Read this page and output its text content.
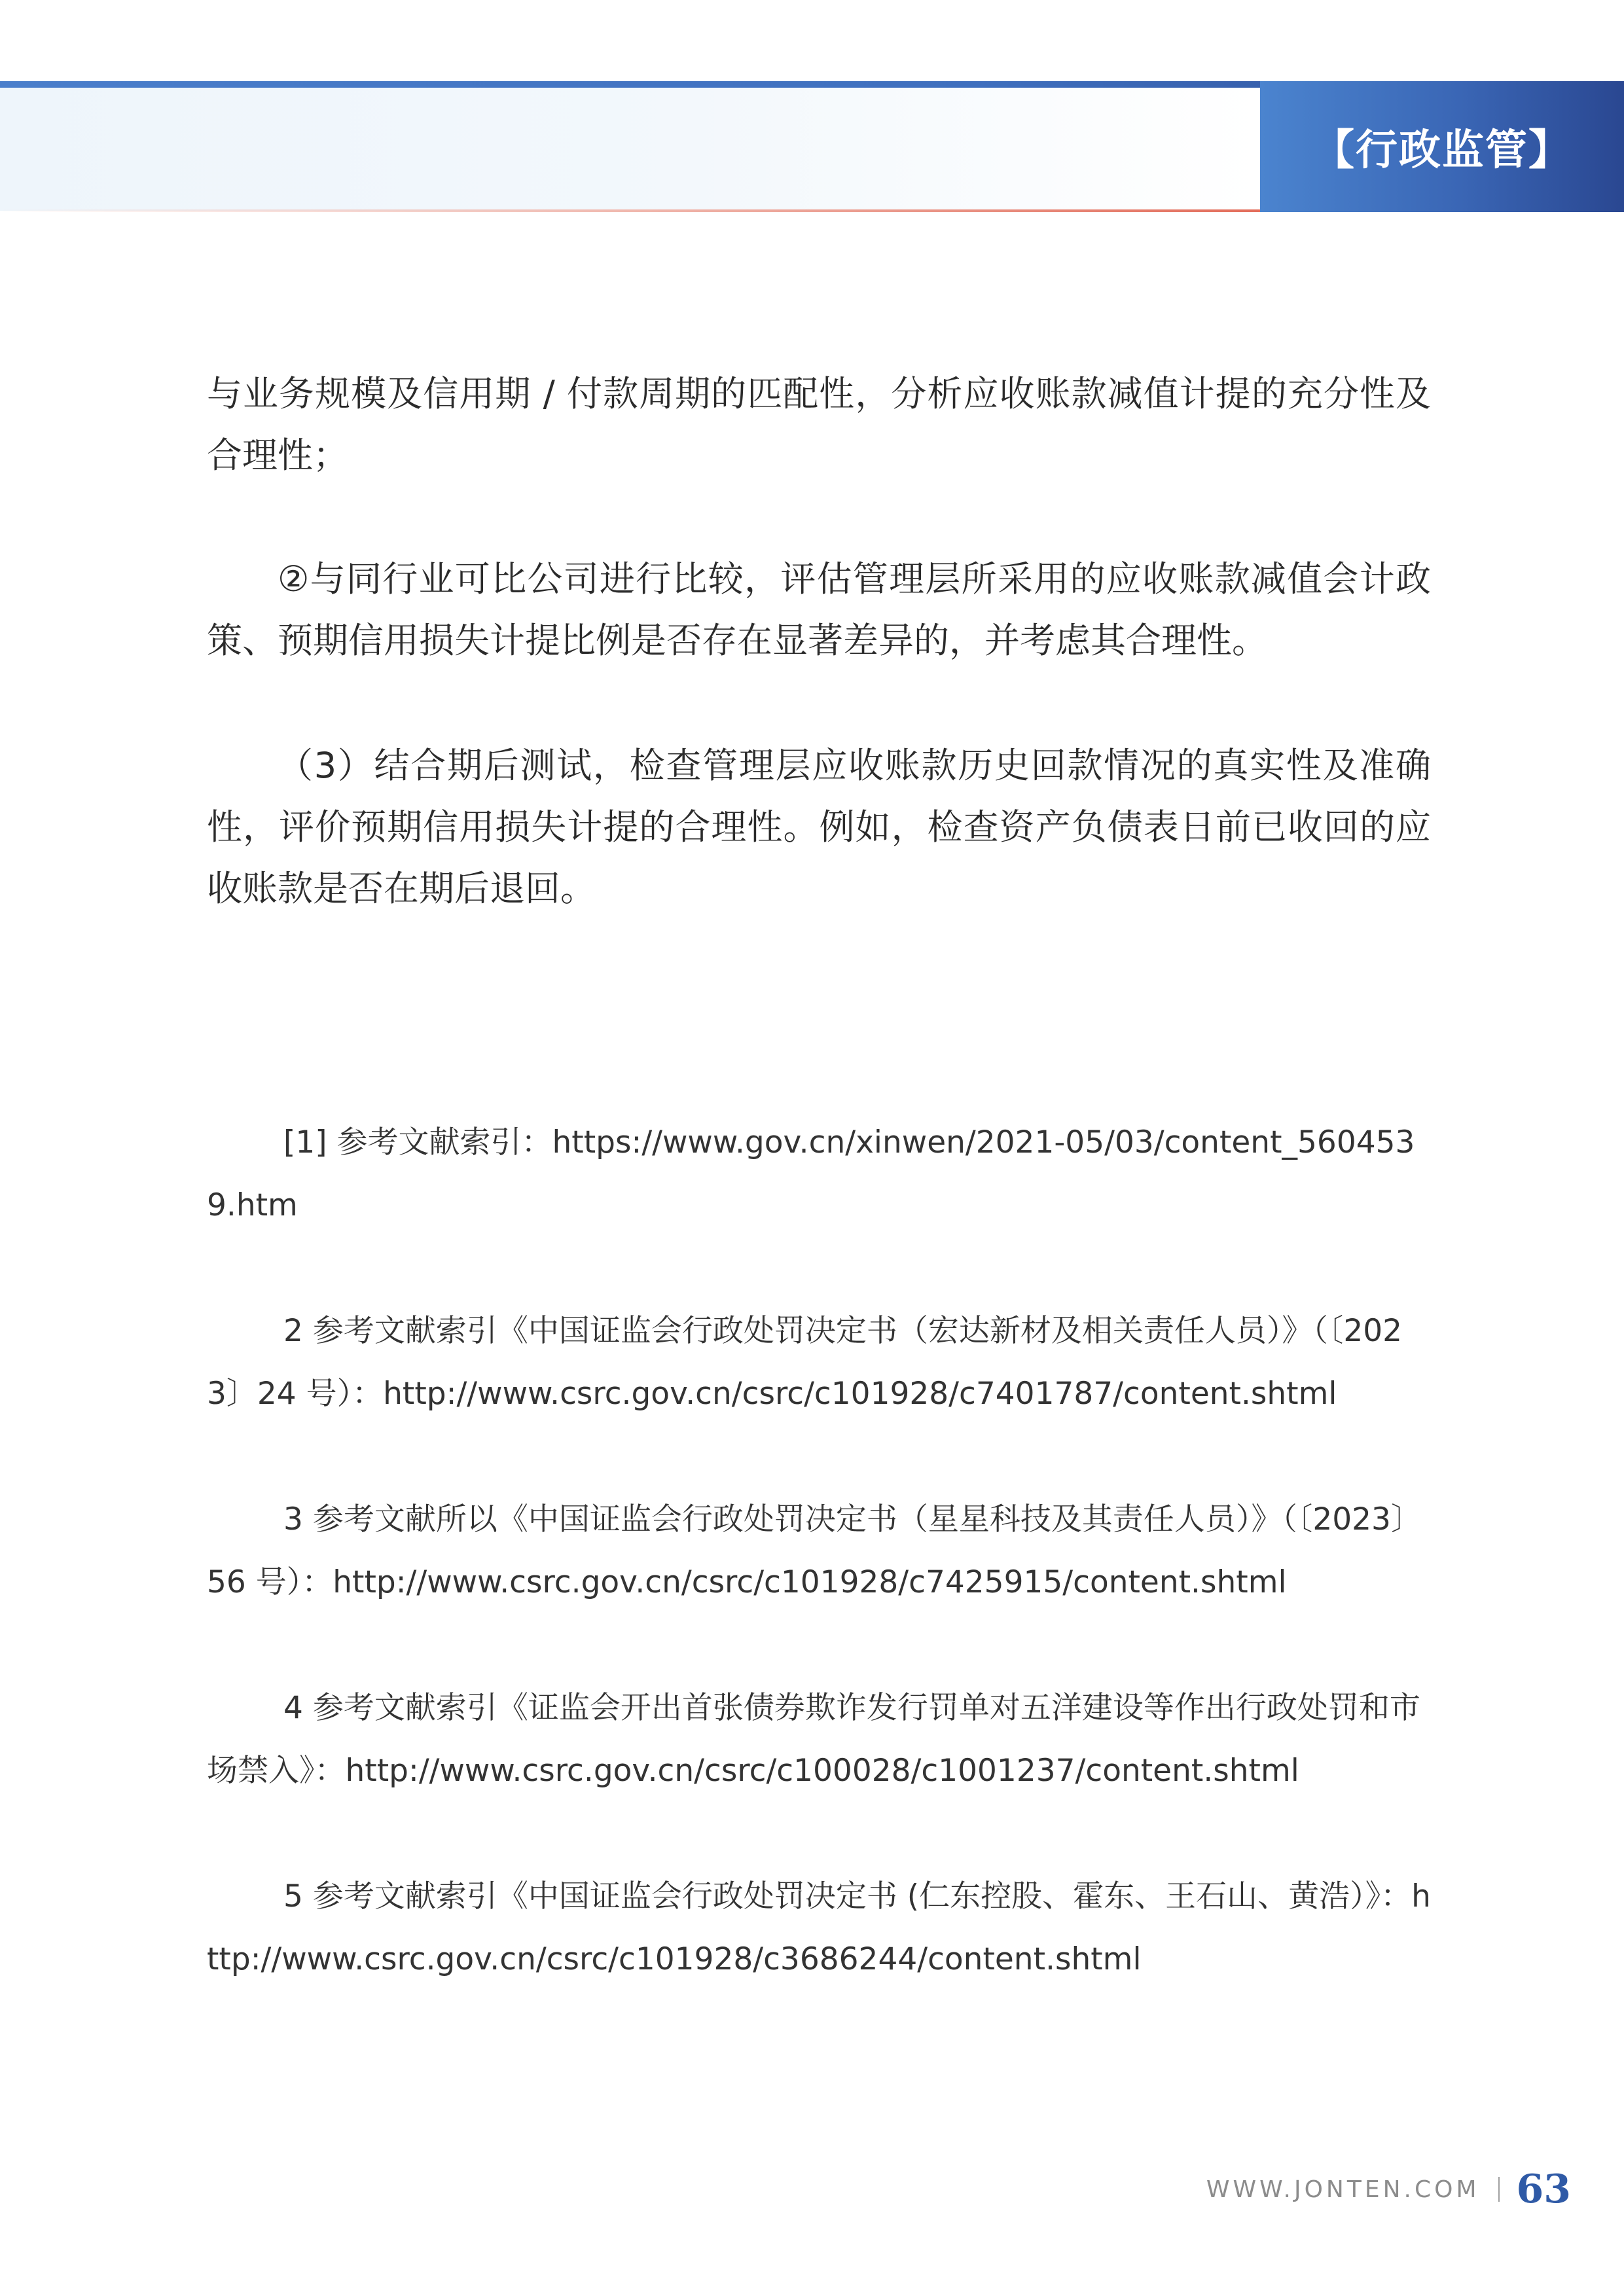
【行政监管】

与业务规模及信用期 / 付款周期的匹配性，分析应收账款减值计提的充分性及合理性；

②与同行业可比公司进行比较，评估管理层所采用的应收账款减值会计政策、预期信用损失计提比例是否存在显著差异的，并考虑其合理性。

（3）结合期后测试，检查管理层应收账款历史回款情况的真实性及准确性，评价预期信用损失计提的合理性。例如，检查资产负债表日前已收回的应收账款是否在期后退回。

[1] 参考文献索引：https://www.gov.cn/xinwen/2021-05/03/content_5604539.htm

2 参考文献索引《中国证监会行政处罚决定书（宏达新材及相关责任人员）》（〔2023〕24 号）：http://www.csrc.gov.cn/csrc/c101928/c7401787/content.shtml

3 参考文献所以《中国证监会行政处罚决定书（星星科技及其责任人员）》（〔2023〕56 号）：http://www.csrc.gov.cn/csrc/c101928/c7425915/content.shtml

4 参考文献索引《证监会开出首张债券欺诈发行罚单对五洋建设等作出行政处罚和市场禁入》：http://www.csrc.gov.cn/csrc/c100028/c1001237/content.shtml

5 参考文献索引《中国证监会行政处罚决定书 (仁东控股、霍东、王石山、黄浩）》：http://www.csrc.gov.cn/csrc/c101928/c3686244/content.shtml

WWW.JONTEN.COM 63
